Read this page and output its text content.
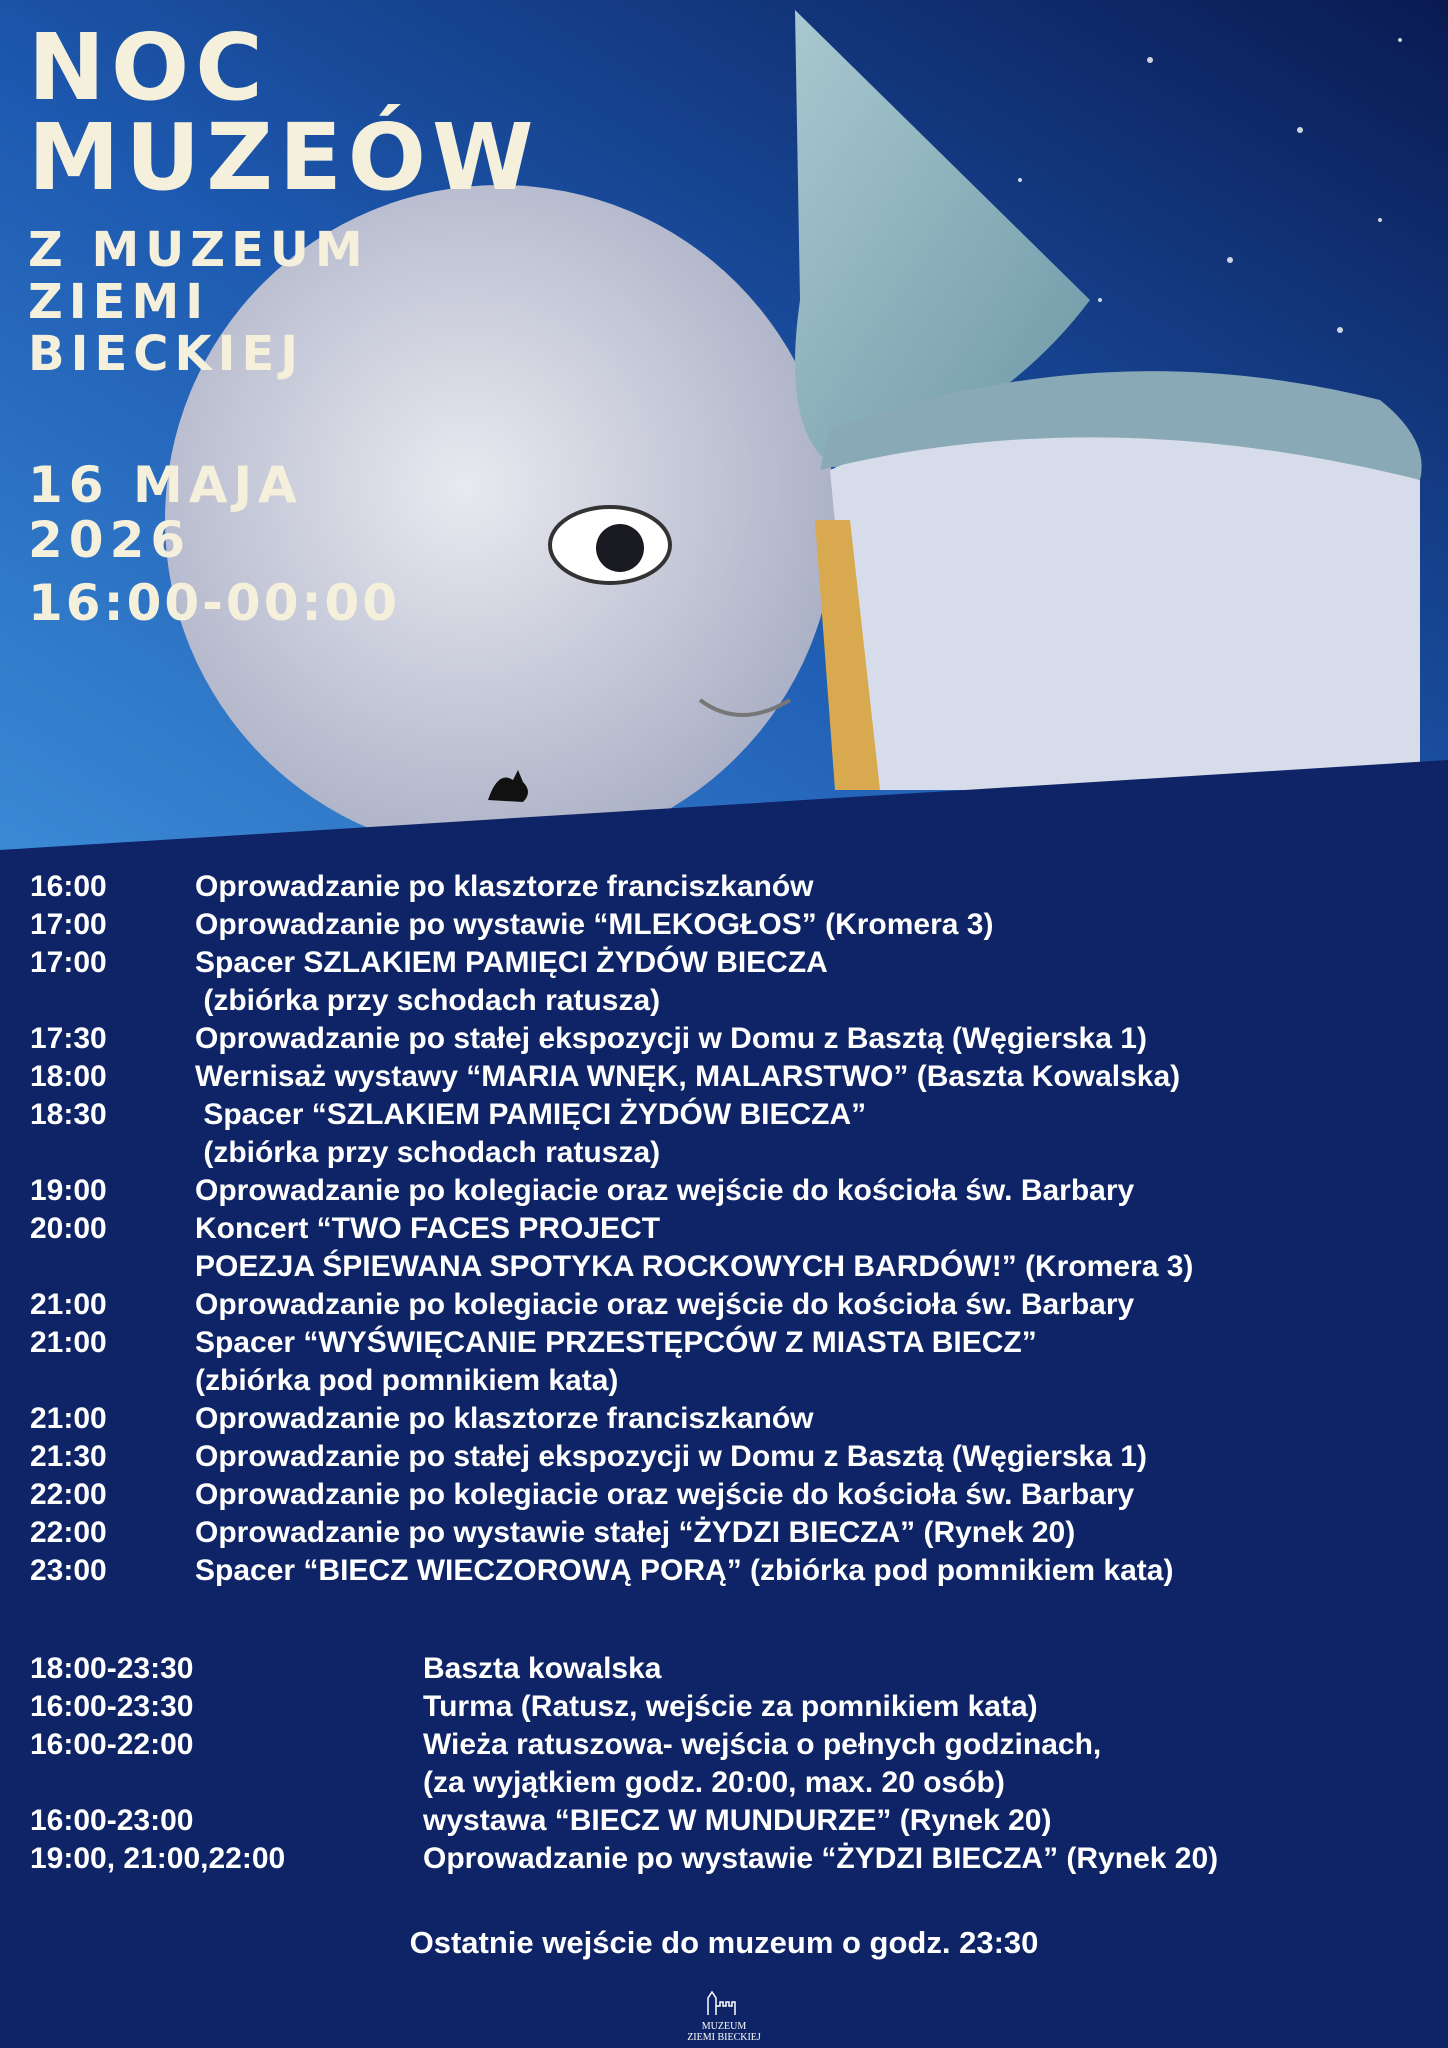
NOC
MUZEÓW
Z MUZEUM
ZIEMI
BIECKIEJ
16 MAJA
2026
16:00-00:00
16:00	Oprowadzanie po klasztorze franciszkanów
17:00	Oprowadzanie po wystawie “MLEKOGŁOS” (Kromera 3)
17:00	Spacer SZLAKIEM PAMIĘCI ŻYDÓW BIECZA
(zbiórka przy schodach ratusza)
17:30	Oprowadzanie po stałej ekspozycji w Domu z Basztą (Węgierska 1)
18:00	Wernisaż wystawy “MARIA WNĘK, MALARSTWO” (Baszta Kowalska)
18:30	Spacer “SZLAKIEM PAMIĘCI ŻYDÓW BIECZA”
(zbiórka przy schodach ratusza)
19:00	Oprowadzanie po kolegiacie oraz wejście do kościoła św. Barbary
20:00	Koncert “TWO FACES PROJECT
POEZJA ŚPIEWANA SPOTYKA ROCKOWYCH BARDÓW!” (Kromera 3)
21:00	Oprowadzanie po kolegiacie oraz wejście do kościoła św. Barbary
21:00	Spacer “WYŚWIĘCANIE PRZESTĘPCÓW Z MIASTA BIECZ”
(zbiórka pod pomnikiem kata)
21:00	Oprowadzanie po klasztorze franciszkanów
21:30	Oprowadzanie po stałej ekspozycji w Domu z Basztą (Węgierska 1)
22:00	Oprowadzanie po kolegiacie oraz wejście do kościoła św. Barbary
22:00	Oprowadzanie po wystawie stałej “ŻYDZI BIECZA” (Rynek 20)
23:00	Spacer “BIECZ WIECZOROWĄ PORĄ” (zbiórka pod pomnikiem kata)
18:00-23:30	Baszta kowalska
16:00-23:30	Turma (Ratusz, wejście za pomnikiem kata)
16:00-22:00	Wieża ratuszowa- wejścia o pełnych godzinach,
(za wyjątkiem godz. 20:00, max. 20 osób)
16:00-23:00	wystawa “BIECZ W MUNDURZE” (Rynek 20)
19:00, 21:00,22:00	Oprowadzanie po wystawie “ŻYDZI BIECZA” (Rynek 20)
Ostatnie wejście do muzeum o godz. 23:30
MUZEUM
ZIEMI BIECKIEJ
